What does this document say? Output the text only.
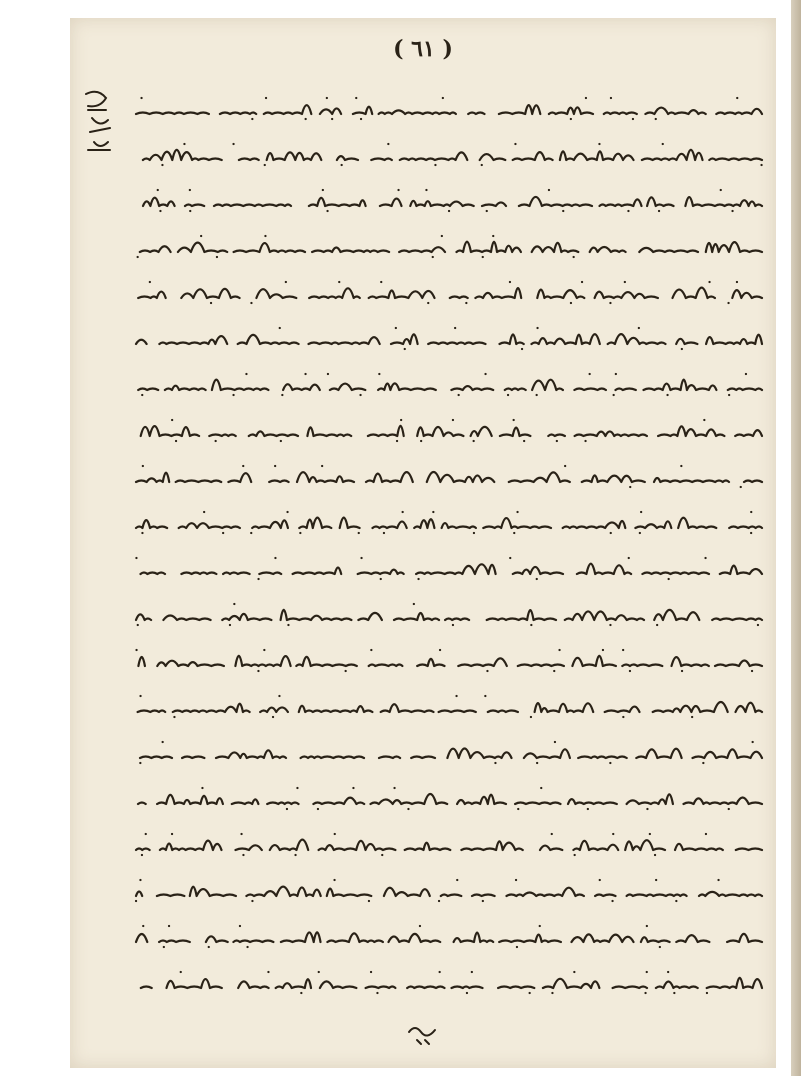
( ٦١ )
